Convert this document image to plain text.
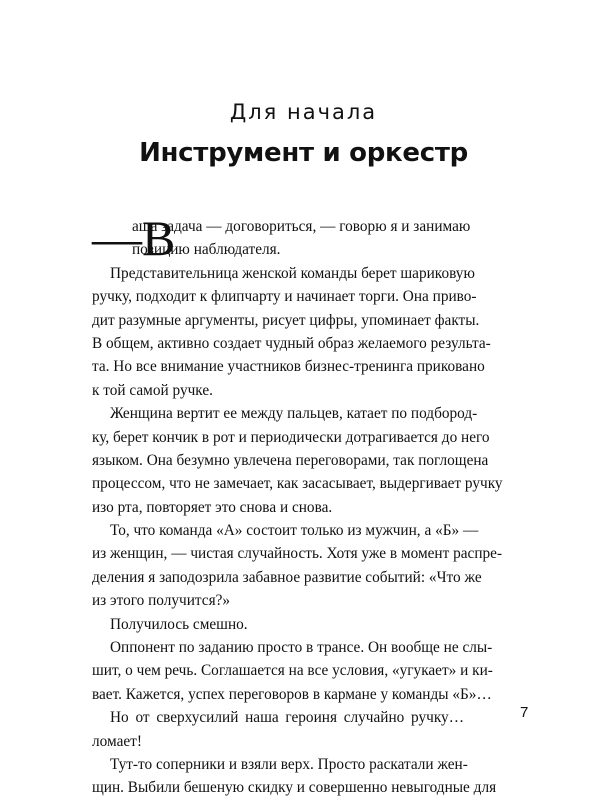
Для начала
Инструмент и оркестр
—В
аша задача — договориться, — говорю я и занимаю
позицию наблюдателя.
Представительница женской команды берет шариковую
ручку, подходит к флипчарту и начинает торги. Она приво-
дит разумные аргументы, рисует цифры, упоминает факты.
В общем, активно создает чудный образ желаемого результа-
та. Но все внимание участников бизнес-тренинга приковано
к той самой ручке.
Женщина вертит ее между пальцев, катает по подбород-
ку, берет кончик в рот и периодически дотрагивается до него
языком. Она безумно увлечена переговорами, так поглощена
процессом, что не замечает, как засасывает, выдергивает ручку
изо рта, повторяет это снова и снова.
То, что команда «А» состоит только из мужчин, а «Б» —
из женщин, — чистая случайность. Хотя уже в момент распре-
деления я заподозрила забавное развитие событий: «Что же
из этого получится?»
Получилось смешно.
Оппонент по заданию просто в трансе. Он вообще не слы-
шит, о чем речь. Соглашается на все условия, «угукает» и ки-
вает. Кажется, успех переговоров в кармане у команды «Б»…
Но от сверхусилий наша героиня случайно ручку…
ломает!
Тут-то соперники и взяли верх. Просто раскатали жен-
щин. Выбили бешеную скидку и совершенно невыгодные для
7
